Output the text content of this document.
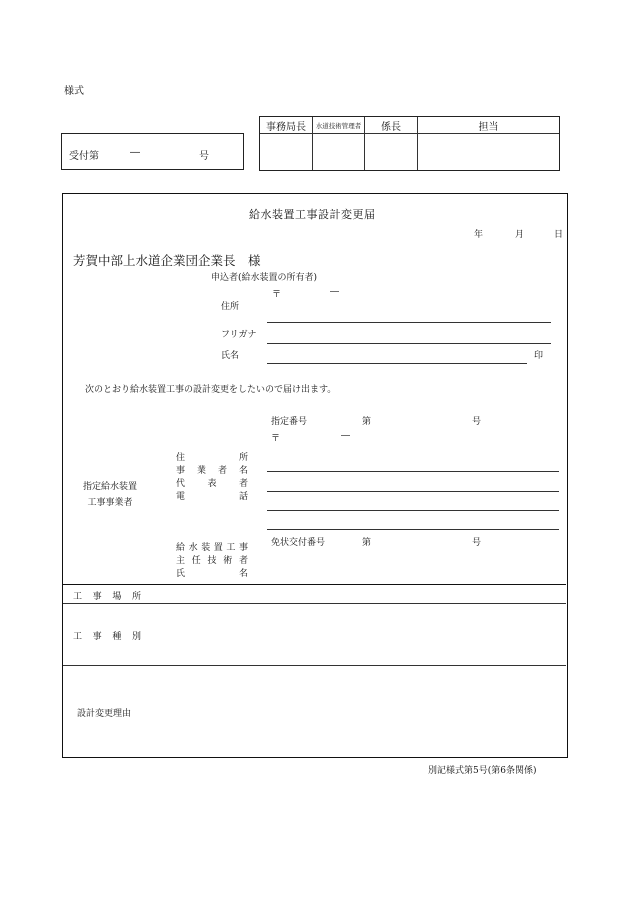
様式
受付第	―	号
事務局長	水道技術管理者	係長	担当
給水装置工事設計変更届
年	月	日
芳賀中部上水道企業団企業長　様
申込者(給水装置の所有者)
〒	―
住所
フリガナ
氏名	印
次のとおり給水装置工事の設計変更をしたいので届け出ます。
指定番号	第	号
〒	―
指定給水装置
工事事業者
住	所
事 業 者 名
代 表 者
電	話
免状交付番号	第	号
給 水 装 置 工 事
主 任 技 術 者
氏	名
工 事 場 所
工 事 種 別
設計変更理由
別記様式第5号(第6条関係)
